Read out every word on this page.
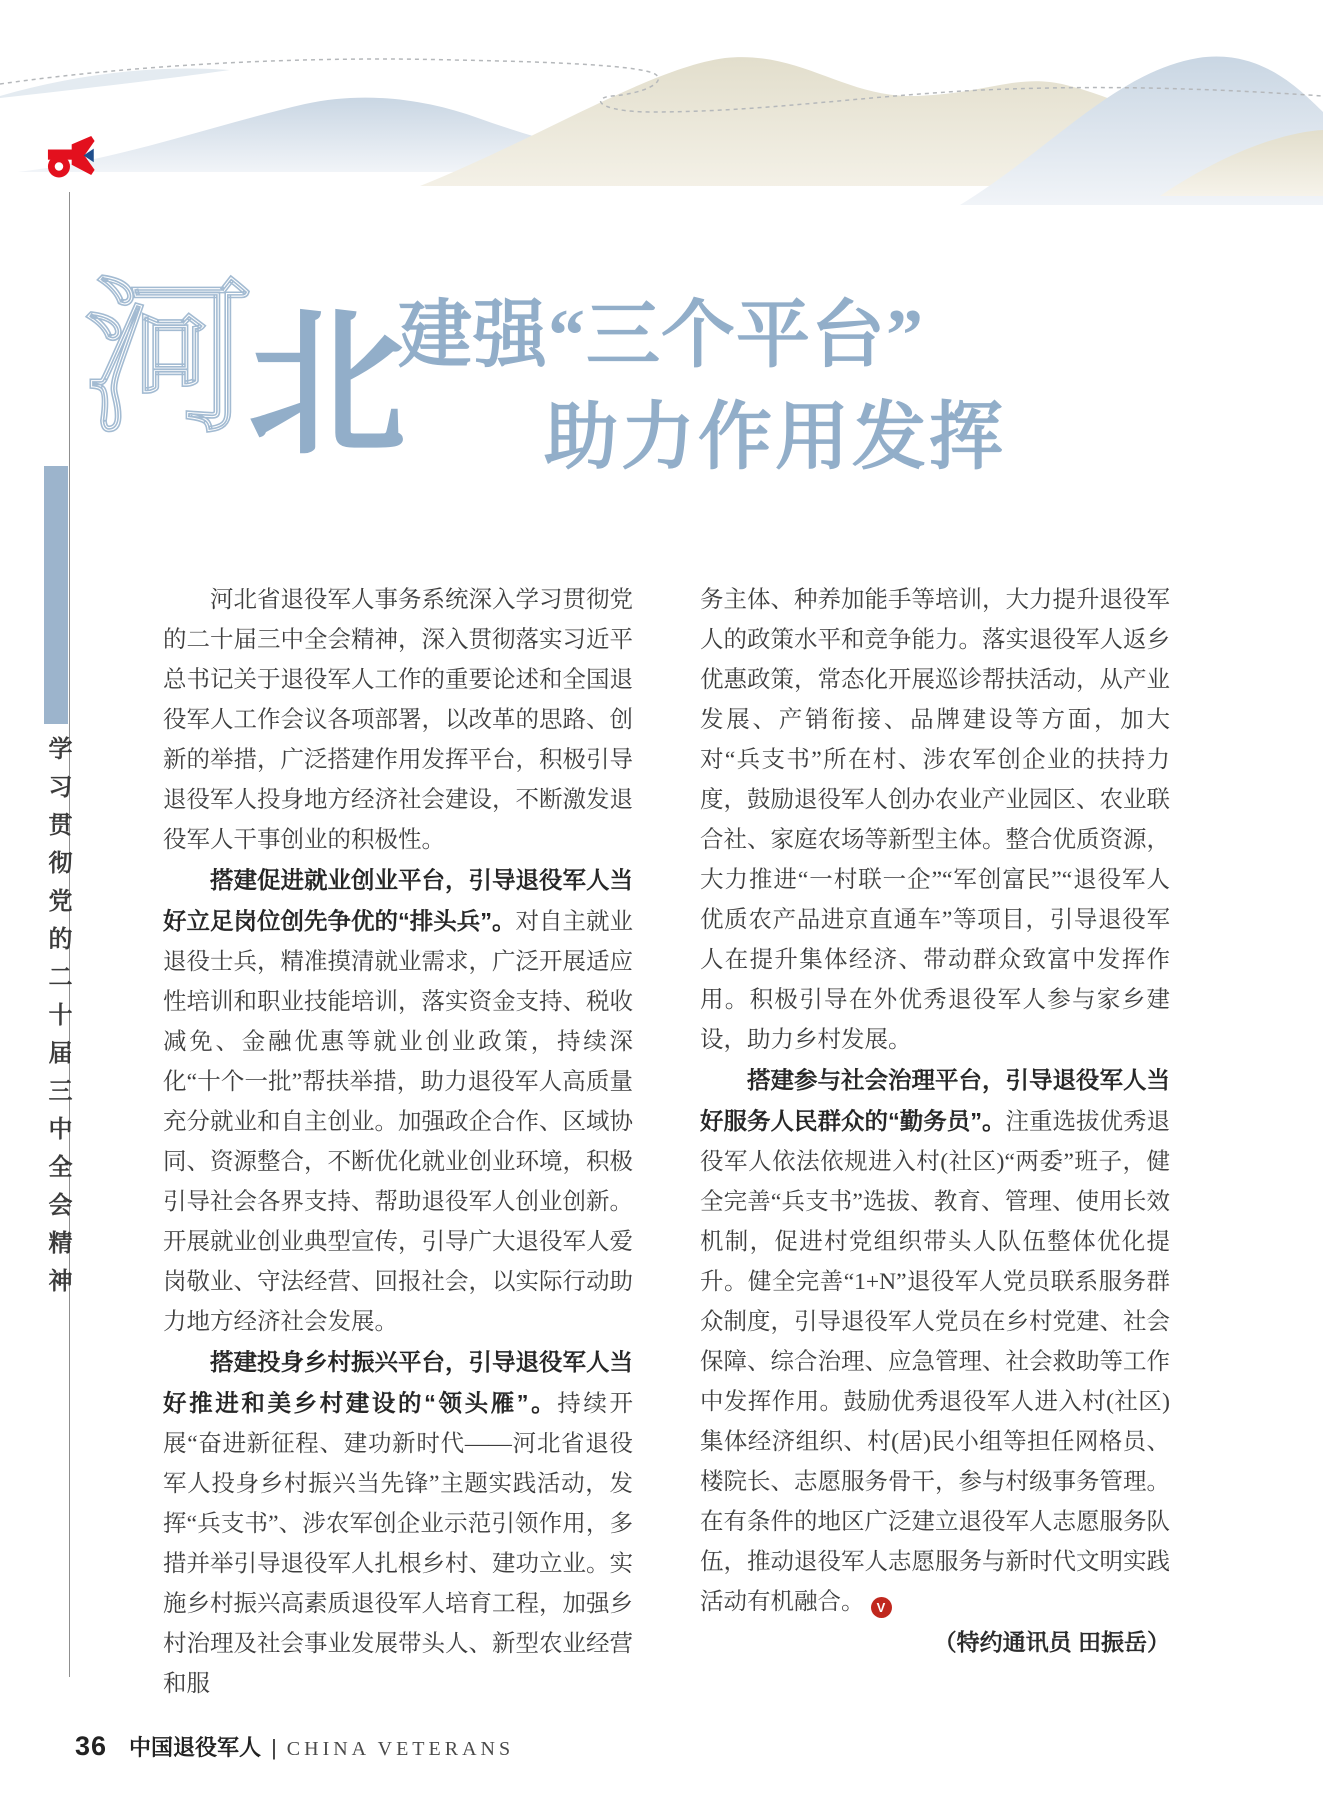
河
北
建强“三个平台”
助力作用发挥
学习贯彻党的二十届三中全会精神

河北省退役军人事务系统深入学习贯彻党的二十届三中全会精神，深入贯彻落实习近平总书记关于退役军人工作的重要论述和全国退役军人工作会议各项部署，以改革的思路、创新的举措，广泛搭建作用发挥平台，积极引导退役军人投身地方经济社会建设，不断激发退役军人干事创业的积极性。

搭建促进就业创业平台，引导退役军人当好立足岗位创先争优的“排头兵”。对自主就业退役士兵，精准摸清就业需求，广泛开展适应性培训和职业技能培训，落实资金支持、税收减免、金融优惠等就业创业政策，持续深化“十个一批”帮扶举措，助力退役军人高质量充分就业和自主创业。加强政企合作、区域协同、资源整合，不断优化就业创业环境，积极引导社会各界支持、帮助退役军人创业创新。开展就业创业典型宣传，引导广大退役军人爱岗敬业、守法经营、回报社会，以实际行动助力地方经济社会发展。

搭建投身乡村振兴平台，引导退役军人当好推进和美乡村建设的“领头雁”。持续开展“奋进新征程、建功新时代——河北省退役军人投身乡村振兴当先锋”主题实践活动，发挥“兵支书”、涉农军创企业示范引领作用，多措并举引导退役军人扎根乡村、建功立业。实施乡村振兴高素质退役军人培育工程，加强乡村治理及社会事业发展带头人、新型农业经营和服

务主体、种养加能手等培训，大力提升退役军人的政策水平和竞争能力。落实退役军人返乡优惠政策，常态化开展巡诊帮扶活动，从产业发展、产销衔接、品牌建设等方面，加大对“兵支书”所在村、涉农军创企业的扶持力度，鼓励退役军人创办农业产业园区、农业联合社、家庭农场等新型主体。整合优质资源，大力推进“一村联一企”“军创富民”“退役军人优质农产品进京直通车”等项目，引导退役军人在提升集体经济、带动群众致富中发挥作用。积极引导在外优秀退役军人参与家乡建设，助力乡村发展。

搭建参与社会治理平台，引导退役军人当好服务人民群众的“勤务员”。注重选拔优秀退役军人依法依规进入村(社区)“两委”班子，健全完善“兵支书”选拔、教育、管理、使用长效机制，促进村党组织带头人队伍整体优化提升。健全完善“1+N”退役军人党员联系服务群众制度，引导退役军人党员在乡村党建、社会保障、综合治理、应急管理、社会救助等工作中发挥作用。鼓励优秀退役军人进入村(社区)集体经济组织、村(居)民小组等担任网格员、楼院长、志愿服务骨干，参与村级事务管理。在有条件的地区广泛建立退役军人志愿服务队伍，推动退役军人志愿服务与新时代文明实践活动有机融合。 V

（特约通讯员 田振岳）

36 中国退役军人 | CHINA VETERANS
